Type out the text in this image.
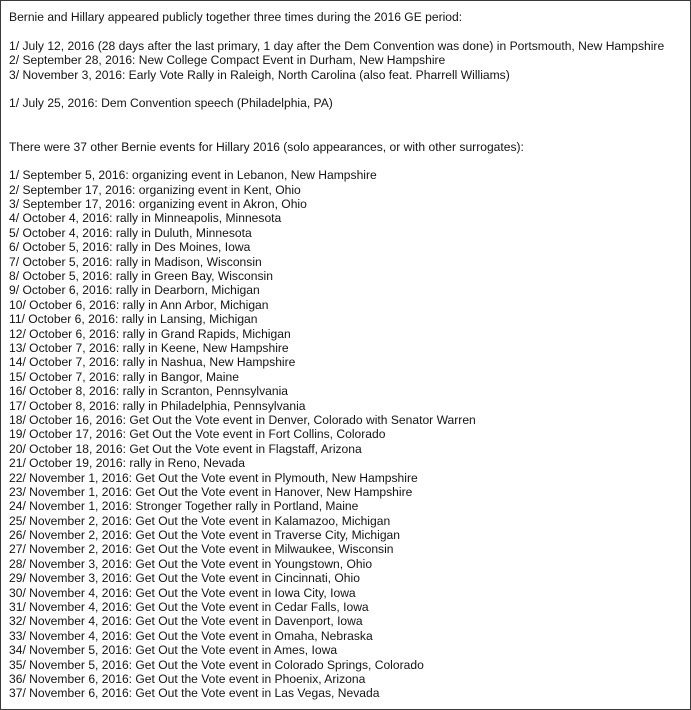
Bernie and Hillary appeared publicly together three times during the 2016 GE period:
1/ July 12, 2016 (28 days after the last primary, 1 day after the Dem Convention was done) in Portsmouth, New Hampshire
2/ September 28, 2016: New College Compact Event in Durham, New Hampshire
3/ November 3, 2016: Early Vote Rally in Raleigh, North Carolina (also feat. Pharrell Williams)
1/ July 25, 2016: Dem Convention speech (Philadelphia, PA)
There were 37 other Bernie events for Hillary 2016 (solo appearances, or with other surrogates):
1/ September 5, 2016: organizing event in Lebanon, New Hampshire
2/ September 17, 2016: organizing event in Kent, Ohio
3/ September 17, 2016: organizing event in Akron, Ohio
4/ October 4, 2016: rally in Minneapolis, Minnesota
5/ October 4, 2016: rally in Duluth, Minnesota
6/ October 5, 2016: rally in Des Moines, Iowa
7/ October 5, 2016: rally in Madison, Wisconsin
8/ October 5, 2016: rally in Green Bay, Wisconsin
9/ October 6, 2016: rally in Dearborn, Michigan
10/ October 6, 2016: rally in Ann Arbor, Michigan
11/ October 6, 2016: rally in Lansing, Michigan
12/ October 6, 2016: rally in Grand Rapids, Michigan
13/ October 7, 2016: rally in Keene, New Hampshire
14/ October 7, 2016: rally in Nashua, New Hampshire
15/ October 7, 2016: rally in Bangor, Maine
16/ October 8, 2016: rally in Scranton, Pennsylvania
17/ October 8, 2016: rally in Philadelphia, Pennsylvania
18/ October 16, 2016: Get Out the Vote event in Denver, Colorado with Senator Warren
19/ October 17, 2016: Get Out the Vote event in Fort Collins, Colorado
20/ October 18, 2016: Get Out the Vote event in Flagstaff, Arizona
21/ October 19, 2016: rally in Reno, Nevada
22/ November 1, 2016: Get Out the Vote event in Plymouth, New Hampshire
23/ November 1, 2016: Get Out the Vote event in Hanover, New Hampshire
24/ November 1, 2016: Stronger Together rally in Portland, Maine
25/ November 2, 2016: Get Out the Vote event in Kalamazoo, Michigan
26/ November 2, 2016: Get Out the Vote event in Traverse City, Michigan
27/ November 2, 2016: Get Out the Vote event in Milwaukee, Wisconsin
28/ November 3, 2016: Get Out the Vote event in Youngstown, Ohio
29/ November 3, 2016: Get Out the Vote event in Cincinnati, Ohio
30/ November 4, 2016: Get Out the Vote event in Iowa City, Iowa
31/ November 4, 2016: Get Out the Vote event in Cedar Falls, Iowa
32/ November 4, 2016: Get Out the Vote event in Davenport, Iowa
33/ November 4, 2016: Get Out the Vote event in Omaha, Nebraska
34/ November 5, 2016: Get Out the Vote event in Ames, Iowa
35/ November 5, 2016: Get Out the Vote event in Colorado Springs, Colorado
36/ November 6, 2016: Get Out the Vote event in Phoenix, Arizona
37/ November 6, 2016: Get Out the Vote event in Las Vegas, Nevada
